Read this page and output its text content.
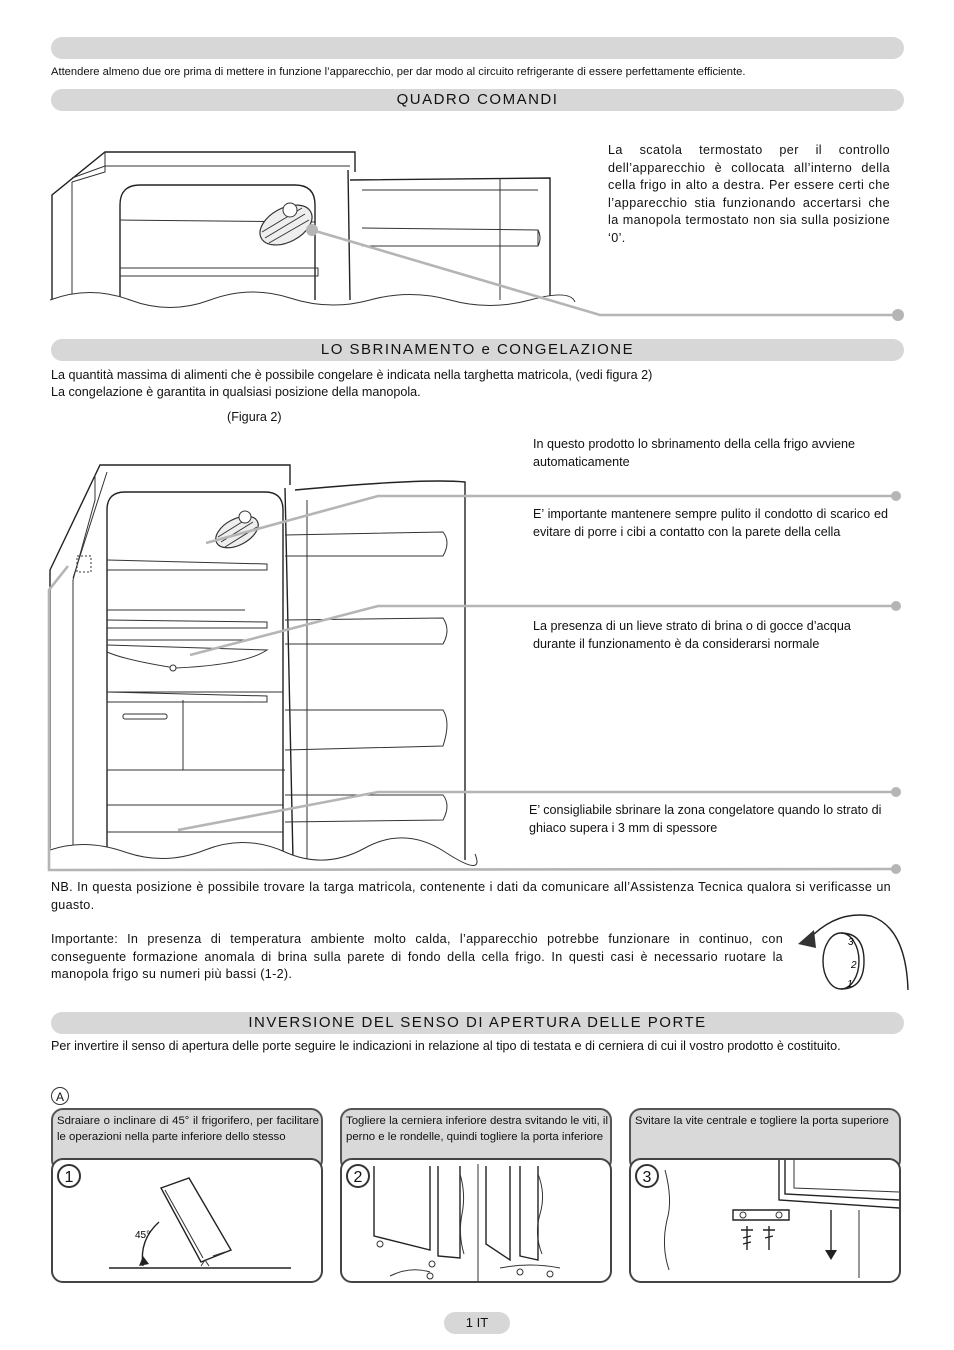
Attendere almeno due ore prima di mettere in funzione l’apparecchio, per dar modo al circuito refrigerante di essere perfettamente efficiente.
QUADRO COMANDI
La scatola termostato per il controllo dell’apparecchio è collocata all’interno della cella frigo in alto a destra. Per essere certi che l’apparecchio stia funzionando accertarsi che la manopola termostato non sia sulla posizione ‘0’.
LO SBRINAMENTO e CONGELAZIONE
La quantità massima di alimenti che è possibile congelare è indicata nella targhetta matricola, (vedi figura 2)
La congelazione è garantita in qualsiasi posizione della manopola.
(Figura 2)
In questo prodotto lo sbrinamento della cella frigo avviene automaticamente
E’ importante mantenere sempre pulito il condotto di scarico ed evitare di porre i cibi a contatto con la parete della cella
La presenza di un lieve strato di brina o di gocce d’acqua durante il funzionamento è da considerarsi normale
E’ consigliabile sbrinare la zona congelatore quando lo strato di ghiaco supera i 3 mm di spessore
NB. In questa posizione è possibile trovare la targa matricola, contenente i dati da comunicare all’Assistenza Tecnica qualora si verificasse un guasto.
Importante: In presenza di temperatura ambiente molto calda, l’apparecchio potrebbe funzionare in continuo, con conseguente formazione anomala di brina sulla parete di fondo della cella frigo. In questi casi è necessario ruotare la manopola frigo su numeri più bassi (1-2).
3
2
1
INVERSIONE DEL SENSO DI APERTURA DELLE PORTE
Per invertire il senso di apertura delle porte seguire le indicazioni in relazione al tipo di testata e di cerniera di cui il vostro prodotto è costituito.
A
Sdraiare o inclinare di 45° il frigorifero, per facilitare le operazioni nella parte inferiore dello stesso
1
45°
Togliere la cerniera inferiore destra svitando le viti, il perno e le rondelle, quindi togliere la porta inferiore
2
Svitare la vite centrale e togliere la porta superiore
3
1 IT
